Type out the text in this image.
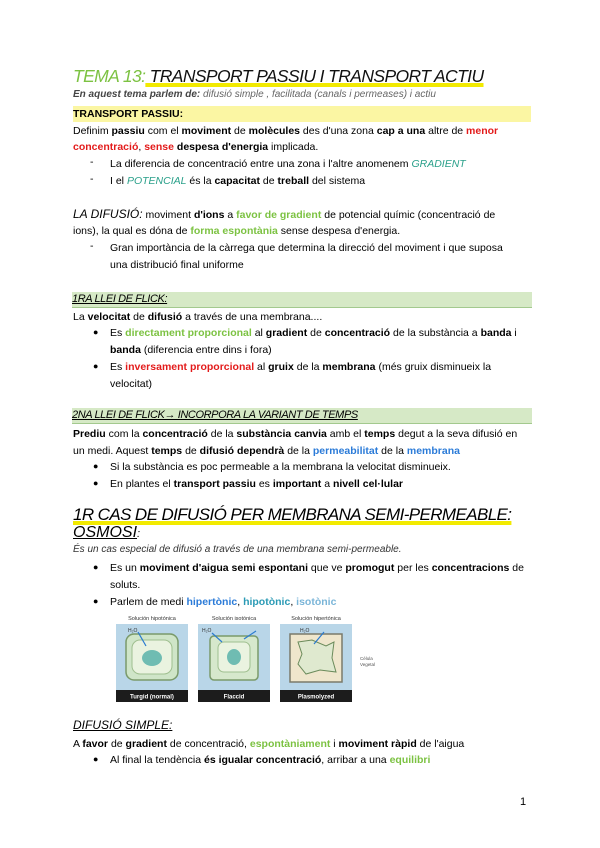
TEMA 13: TRANSPORT PASSIU I TRANSPORT ACTIU
En aquest tema parlem de: difusió simple , facilitada (canals i permeases) i actiu
TRANSPORT PASSIU:
Definim passiu com el moviment de molècules des d'una zona cap a una altre de menor
concentració, sense despesa d'energia implicada.
- La diferencia de concentració entre una zona i l'altre anomenem GRADIENT
- I el POTENCIAL és la capacitat de treball del sistema
LA DIFUSIÓ: moviment d'ions a favor de gradient de potencial químic (concentració de
ions), la qual es dóna de forma espontània sense despesa d'energia.
- Gran importància de la càrrega que determina la direcció del moviment i que suposa
una distribució final uniforme
1RA LLEI DE FLICK:
La velocitat de difusió a través de una membrana....
● Es directament proporcional al gradient de concentració de la substància a banda i
banda (diferencia entre dins i fora)
● Es inversament proporcional al gruix de la membrana (més gruix disminueix la
velocitat)
2NA LLEI DE FLICK→ INCORPORA LA VARIANT DE TEMPS
Prediu com la concentració de la substància canvia amb el temps degut a la seva difusió en
un medi. Aquest temps de difusió dependrà de la permeabilitat de la membrana
● Si la substància es poc permeable a la membrana la velocitat disminueix.
● En plantes el transport passiu es important a nivell cel·lular
1R CAS DE DIFUSIÓ PER MEMBRANA SEMI-PERMEABLE:
OSMOSI:
És un cas especial de difusió a través de una membrana semi-permeable.
● Es un moviment d'aigua semi espontani que ve promogut per les concentracions de
soluts.
● Parlem de medi hipertònic, hipotònic, isotònic
Solución hipotónica
H₂O
Turgid (normal)
Solución isotónica
H₂O
Flaccid
Solución hipertónica
H₂O
Plasmolyzed
Célula
Vegetal
DIFUSIÓ SIMPLE:
A favor de gradient de concentració, espontàniament i moviment ràpid de l'aigua
● Al final la tendència és igualar concentració, arribar a una equilibri
1
